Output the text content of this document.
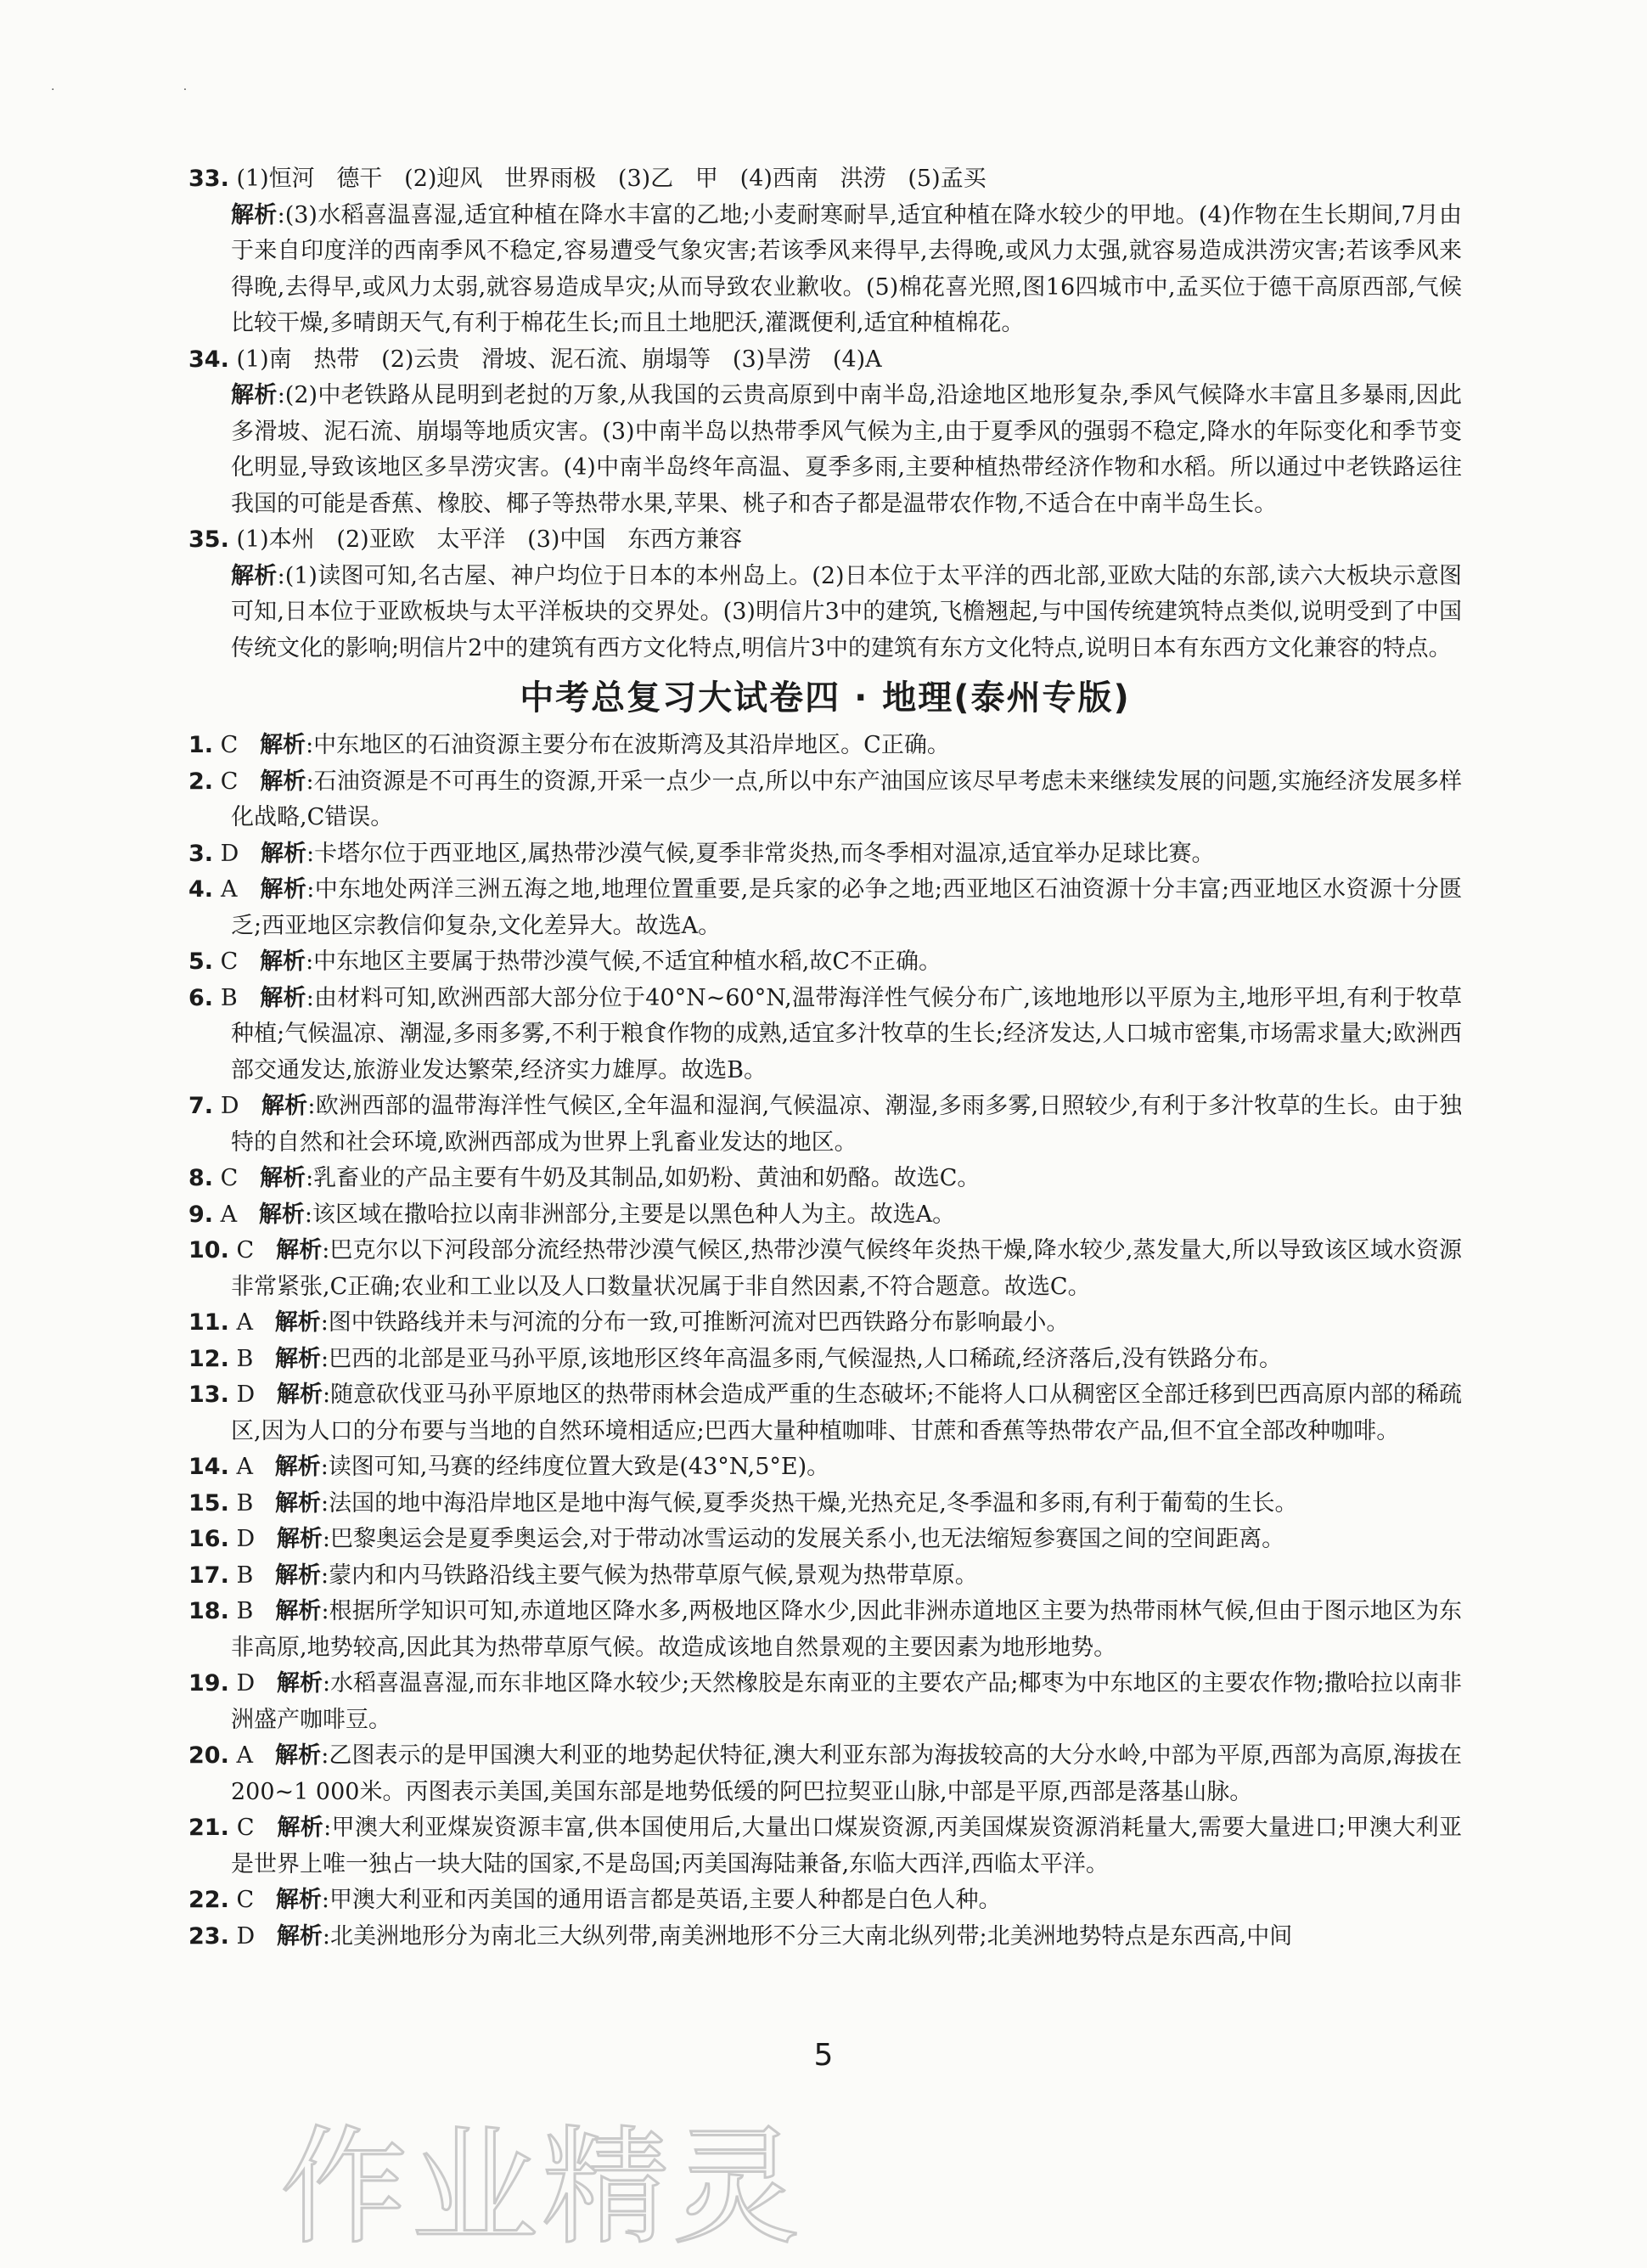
·                                  ·
33. (1)恒河   德干   (2)迎风   世界雨极   (3)乙   甲   (4)西南   洪涝   (5)孟买
解析:(3)水稻喜温喜湿,适宜种植在降水丰富的乙地;小麦耐寒耐旱,适宜种植在降水较少的甲地。(4)作物在生长期间,7月由于来自印度洋的西南季风不稳定,容易遭受气象灾害;若该季风来得早,去得晚,或风力太强,就容易造成洪涝灾害;若该季风来得晚,去得早,或风力太弱,就容易造成旱灾;从而导致农业歉收。(5)棉花喜光照,图16四城市中,孟买位于德干高原西部,气候比较干燥,多晴朗天气,有利于棉花生长;而且土地肥沃,灌溉便利,适宜种植棉花。
34. (1)南   热带   (2)云贵   滑坡、泥石流、崩塌等   (3)旱涝   (4)A
解析:(2)中老铁路从昆明到老挝的万象,从我国的云贵高原到中南半岛,沿途地区地形复杂,季风气候降水丰富且多暴雨,因此多滑坡、泥石流、崩塌等地质灾害。(3)中南半岛以热带季风气候为主,由于夏季风的强弱不稳定,降水的年际变化和季节变化明显,导致该地区多旱涝灾害。(4)中南半岛终年高温、夏季多雨,主要种植热带经济作物和水稻。所以通过中老铁路运往我国的可能是香蕉、橡胶、椰子等热带水果,苹果、桃子和杏子都是温带农作物,不适合在中南半岛生长。
35. (1)本州   (2)亚欧   太平洋   (3)中国   东西方兼容
解析:(1)读图可知,名古屋、神户均位于日本的本州岛上。(2)日本位于太平洋的西北部,亚欧大陆的东部,读六大板块示意图可知,日本位于亚欧板块与太平洋板块的交界处。(3)明信片3中的建筑,飞檐翘起,与中国传统建筑特点类似,说明受到了中国传统文化的影响;明信片2中的建筑有西方文化特点,明信片3中的建筑有东方文化特点,说明日本有东西方文化兼容的特点。
中考总复习大试卷四 · 地理(泰州专版)
1. C 解析:中东地区的石油资源主要分布在波斯湾及其沿岸地区。C正确。
2. C 解析:石油资源是不可再生的资源,开采一点少一点,所以中东产油国应该尽早考虑未来继续发展的问题,实施经济发展多样化战略,C错误。
3. D 解析:卡塔尔位于西亚地区,属热带沙漠气候,夏季非常炎热,而冬季相对温凉,适宜举办足球比赛。
4. A 解析:中东地处两洋三洲五海之地,地理位置重要,是兵家的必争之地;西亚地区石油资源十分丰富;西亚地区水资源十分匮乏;西亚地区宗教信仰复杂,文化差异大。故选A。
5. C 解析:中东地区主要属于热带沙漠气候,不适宜种植水稻,故C不正确。
6. B 解析:由材料可知,欧洲西部大部分位于40°N~60°N,温带海洋性气候分布广,该地地形以平原为主,地形平坦,有利于牧草种植;气候温凉、潮湿,多雨多雾,不利于粮食作物的成熟,适宜多汁牧草的生长;经济发达,人口城市密集,市场需求量大;欧洲西部交通发达,旅游业发达繁荣,经济实力雄厚。故选B。
7. D 解析:欧洲西部的温带海洋性气候区,全年温和湿润,气候温凉、潮湿,多雨多雾,日照较少,有利于多汁牧草的生长。由于独特的自然和社会环境,欧洲西部成为世界上乳畜业发达的地区。
8. C 解析:乳畜业的产品主要有牛奶及其制品,如奶粉、黄油和奶酪。故选C。
9. A 解析:该区域在撒哈拉以南非洲部分,主要是以黑色种人为主。故选A。
10. C 解析:巴克尔以下河段部分流经热带沙漠气候区,热带沙漠气候终年炎热干燥,降水较少,蒸发量大,所以导致该区域水资源非常紧张,C正确;农业和工业以及人口数量状况属于非自然因素,不符合题意。故选C。
11. A 解析:图中铁路线并未与河流的分布一致,可推断河流对巴西铁路分布影响最小。
12. B 解析:巴西的北部是亚马孙平原,该地形区终年高温多雨,气候湿热,人口稀疏,经济落后,没有铁路分布。
13. D 解析:随意砍伐亚马孙平原地区的热带雨林会造成严重的生态破坏;不能将人口从稠密区全部迁移到巴西高原内部的稀疏区,因为人口的分布要与当地的自然环境相适应;巴西大量种植咖啡、甘蔗和香蕉等热带农产品,但不宜全部改种咖啡。
14. A 解析:读图可知,马赛的经纬度位置大致是(43°N,5°E)。
15. B 解析:法国的地中海沿岸地区是地中海气候,夏季炎热干燥,光热充足,冬季温和多雨,有利于葡萄的生长。
16. D 解析:巴黎奥运会是夏季奥运会,对于带动冰雪运动的发展关系小,也无法缩短参赛国之间的空间距离。
17. B 解析:蒙内和内马铁路沿线主要气候为热带草原气候,景观为热带草原。
18. B 解析:根据所学知识可知,赤道地区降水多,两极地区降水少,因此非洲赤道地区主要为热带雨林气候,但由于图示地区为东非高原,地势较高,因此其为热带草原气候。故造成该地自然景观的主要因素为地形地势。
19. D 解析:水稻喜温喜湿,而东非地区降水较少;天然橡胶是东南亚的主要农产品;椰枣为中东地区的主要农作物;撒哈拉以南非洲盛产咖啡豆。
20. A 解析:乙图表示的是甲国澳大利亚的地势起伏特征,澳大利亚东部为海拔较高的大分水岭,中部为平原,西部为高原,海拔在200~1 000米。丙图表示美国,美国东部是地势低缓的阿巴拉契亚山脉,中部是平原,西部是落基山脉。
21. C 解析:甲澳大利亚煤炭资源丰富,供本国使用后,大量出口煤炭资源,丙美国煤炭资源消耗量大,需要大量进口;甲澳大利亚是世界上唯一独占一块大陆的国家,不是岛国;丙美国海陆兼备,东临大西洋,西临太平洋。
22. C 解析:甲澳大利亚和丙美国的通用语言都是英语,主要人种都是白色人种。
23. D 解析:北美洲地形分为南北三大纵列带,南美洲地形不分三大南北纵列带;北美洲地势特点是东西高,中间
5
作业精灵
